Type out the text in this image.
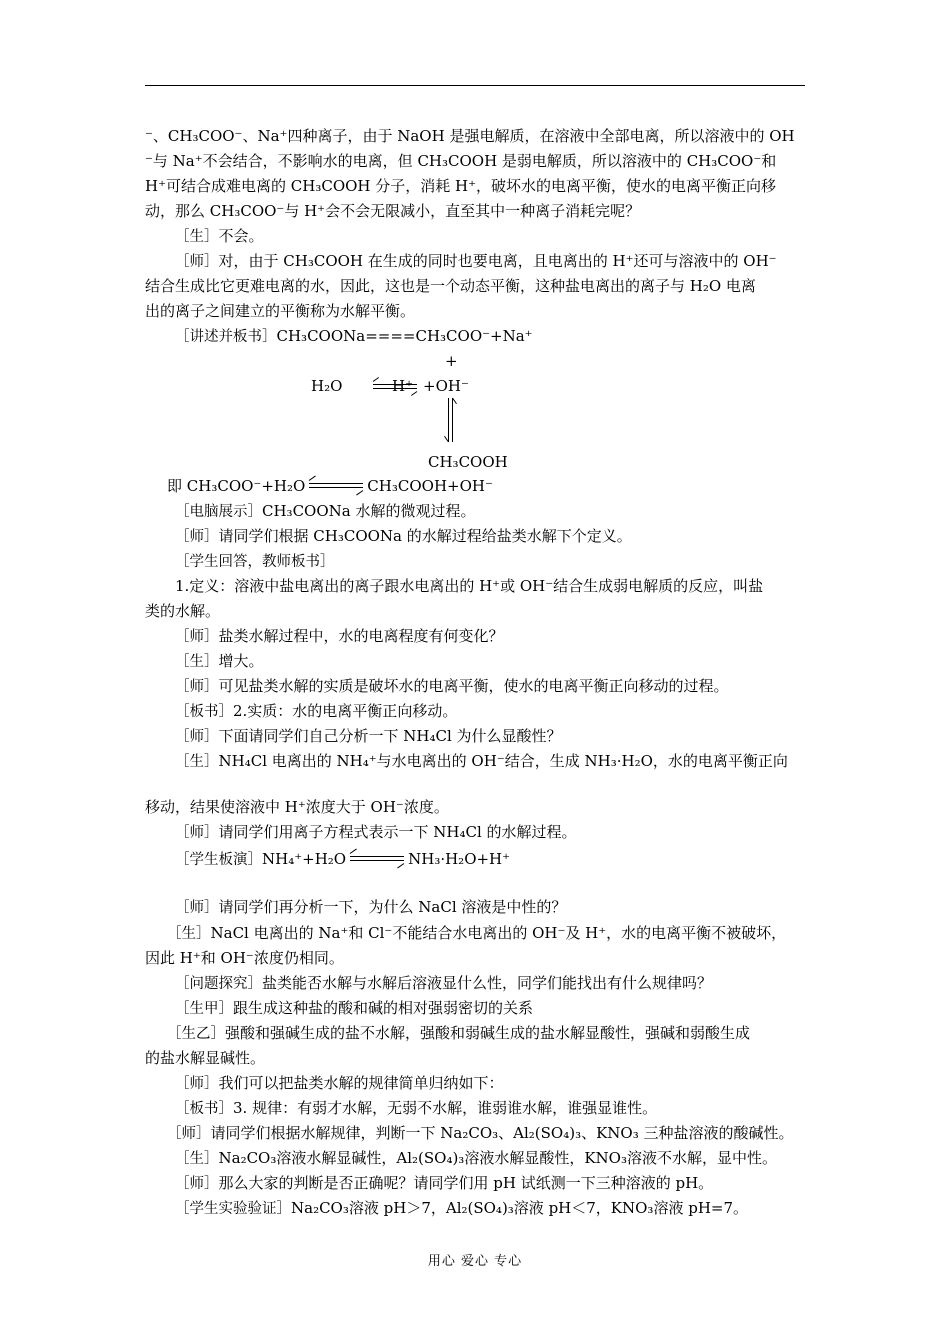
⁻、CH₃COO⁻、Na⁺四种离子，由于 NaOH 是强电解质，在溶液中全部电离，所以溶液中的 OH
⁻与 Na⁺不会结合，不影响水的电离，但 CH₃COOH 是弱电解质，所以溶液中的 CH₃COO⁻和
H⁺可结合成难电离的 CH₃COOH 分子，消耗 H⁺，破坏水的电离平衡，使水的电离平衡正向移
动，那么 CH₃COO⁻与 H⁺会不会无限减小，直至其中一种离子消耗完呢？
［生］不会。
［师］对，由于 CH₃COOH 在生成的同时也要电离，且电离出的 H⁺还可与溶液中的 OH⁻
结合生成比它更难电离的水，因此，这也是一个动态平衡，这种盐电离出的离子与 H₂O 电离
出的离子之间建立的平衡称为水解平衡。
［讲述并板书］CH₃COONa====CH₃COO⁻+Na⁺
+
H₂O	H⁺ +OH⁻
CH₃COOH
即 CH₃COO⁻+H₂O ⇌ CH₃COOH+OH⁻
［电脑展示］CH₃COONa 水解的微观过程。
［师］请同学们根据 CH₃COONa 的水解过程给盐类水解下个定义。
［学生回答，教师板书］
1.定义：溶液中盐电离出的离子跟水电离出的 H⁺或 OH⁻结合生成弱电解质的反应，叫盐
类的水解。
［师］盐类水解过程中，水的电离程度有何变化？
［生］增大。
［师］可见盐类水解的实质是破坏水的电离平衡，使水的电离平衡正向移动的过程。
［板书］2.实质：水的电离平衡正向移动。
［师］下面请同学们自己分析一下 NH₄Cl 为什么显酸性？
［生］NH₄Cl 电离出的 NH₄⁺与水电离出的 OH⁻结合，生成 NH₃·H₂O，水的电离平衡正向
移动，结果使溶液中 H⁺浓度大于 OH⁻浓度。
［师］请同学们用离子方程式表示一下 NH₄Cl 的水解过程。
［学生板演］NH₄⁺+H₂O ⇌ NH₃·H₂O+H⁺
［师］请同学们再分析一下，为什么 NaCl 溶液是中性的？
［生］NaCl 电离出的 Na⁺和 Cl⁻不能结合水电离出的 OH⁻及 H⁺，水的电离平衡不被破坏，
因此 H⁺和 OH⁻浓度仍相同。
［问题探究］盐类能否水解与水解后溶液显什么性，同学们能找出有什么规律吗？
［生甲］跟生成这种盐的酸和碱的相对强弱密切的关系
［生乙］强酸和强碱生成的盐不水解，强酸和弱碱生成的盐水解显酸性，强碱和弱酸生成
的盐水解显碱性。
［师］我们可以把盐类水解的规律简单归纳如下：
［板书］3. 规律：有弱才水解，无弱不水解，谁弱谁水解，谁强显谁性。
［师］请同学们根据水解规律，判断一下 Na₂CO₃、Al₂(SO₄)₃、KNO₃ 三种盐溶液的酸碱性。
［生］Na₂CO₃溶液水解显碱性，Al₂(SO₄)₃溶液水解显酸性，KNO₃溶液不水解，显中性。
［师］那么大家的判断是否正确呢？请同学们用 pH 试纸测一下三种溶液的 pH。
［学生实验验证］Na₂CO₃溶液 pH＞7，Al₂(SO₄)₃溶液 pH＜7，KNO₃溶液 pH=7。
用心 爱心 专心
